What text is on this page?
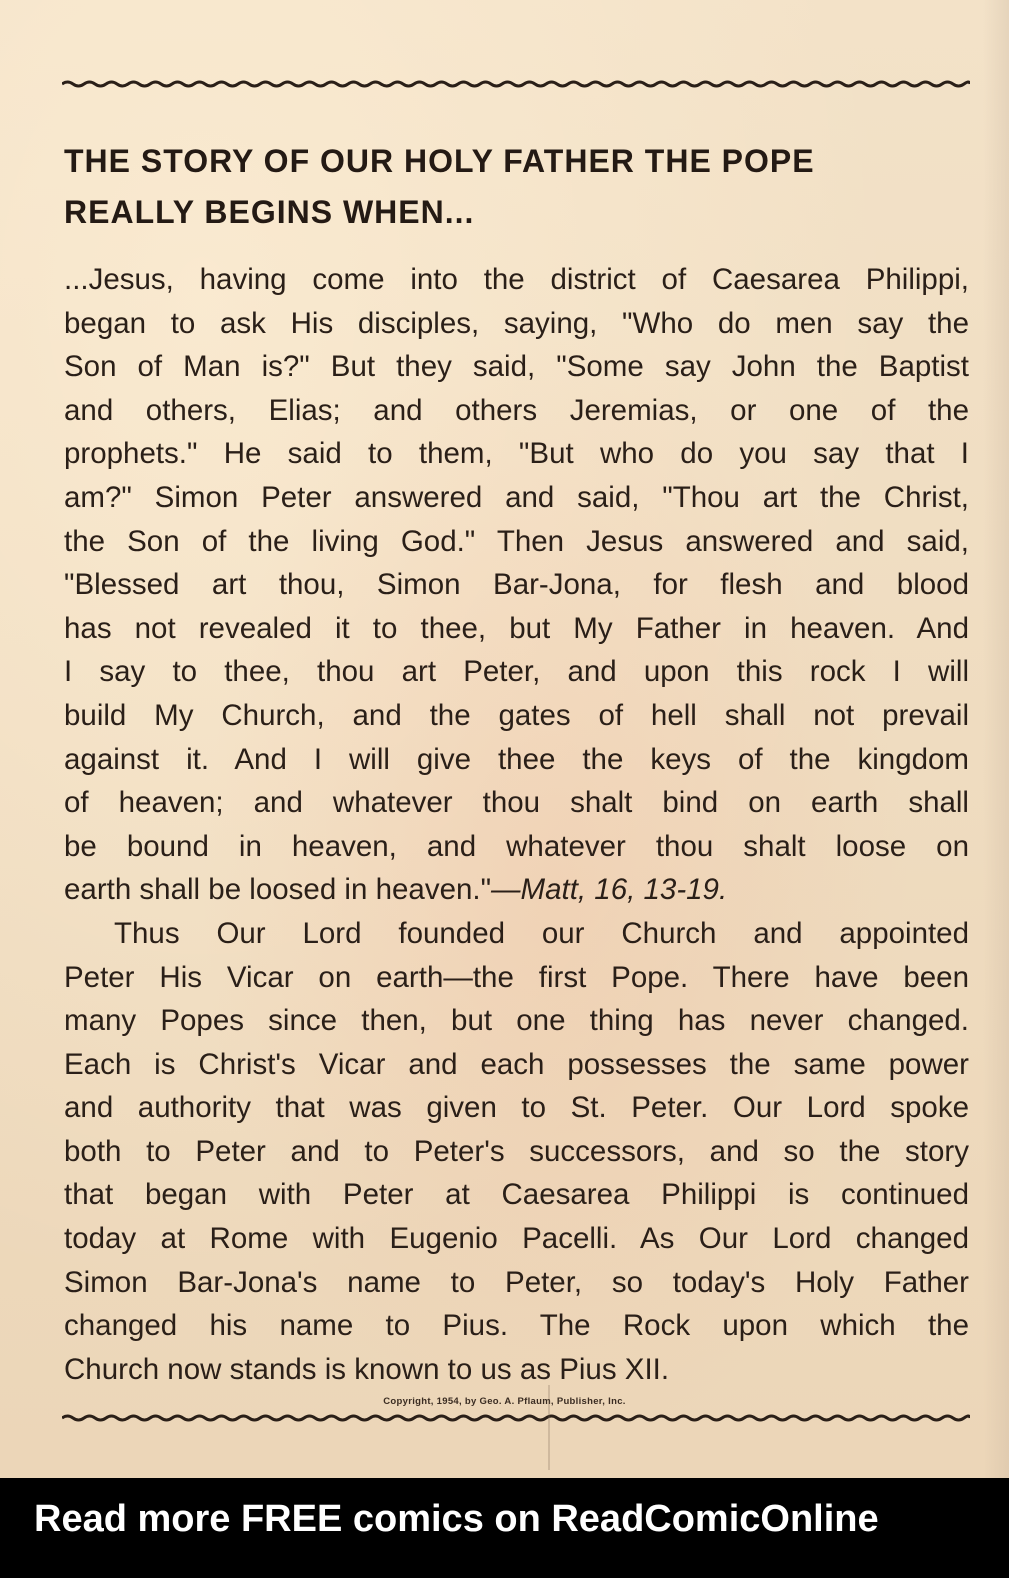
THE STORY OF OUR HOLY FATHER THE POPE
REALLY BEGINS WHEN...
...Jesus, having come into the district of Caesarea Philippi,
began to ask His disciples, saying, "Who do men say the
Son of Man is?" But they said, "Some say John the Baptist
and others, Elias; and others Jeremias, or one of the
prophets." He said to them, "But who do you say that I
am?" Simon Peter answered and said, "Thou art the Christ,
the Son of the living God." Then Jesus answered and said,
"Blessed art thou, Simon Bar-Jona, for flesh and blood
has not revealed it to thee, but My Father in heaven. And
I say to thee, thou art Peter, and upon this rock I will
build My Church, and the gates of hell shall not prevail
against it. And I will give thee the keys of the kingdom
of heaven; and whatever thou shalt bind on earth shall
be bound in heaven, and whatever thou shalt loose on
earth shall be loosed in heaven."—Matt, 16, 13-19.
Thus Our Lord founded our Church and appointed
Peter His Vicar on earth—the first Pope. There have been
many Popes since then, but one thing has never changed.
Each is Christ's Vicar and each possesses the same power
and authority that was given to St. Peter. Our Lord spoke
both to Peter and to Peter's successors, and so the story
that began with Peter at Caesarea Philippi is continued
today at Rome with Eugenio Pacelli. As Our Lord changed
Simon Bar-Jona's name to Peter, so today's Holy Father
changed his name to Pius. The Rock upon which the
Church now stands is known to us as Pius XII.
Copyright, 1954, by Geo. A. Pflaum, Publisher, Inc.
Read more FREE comics on ReadComicOnline
